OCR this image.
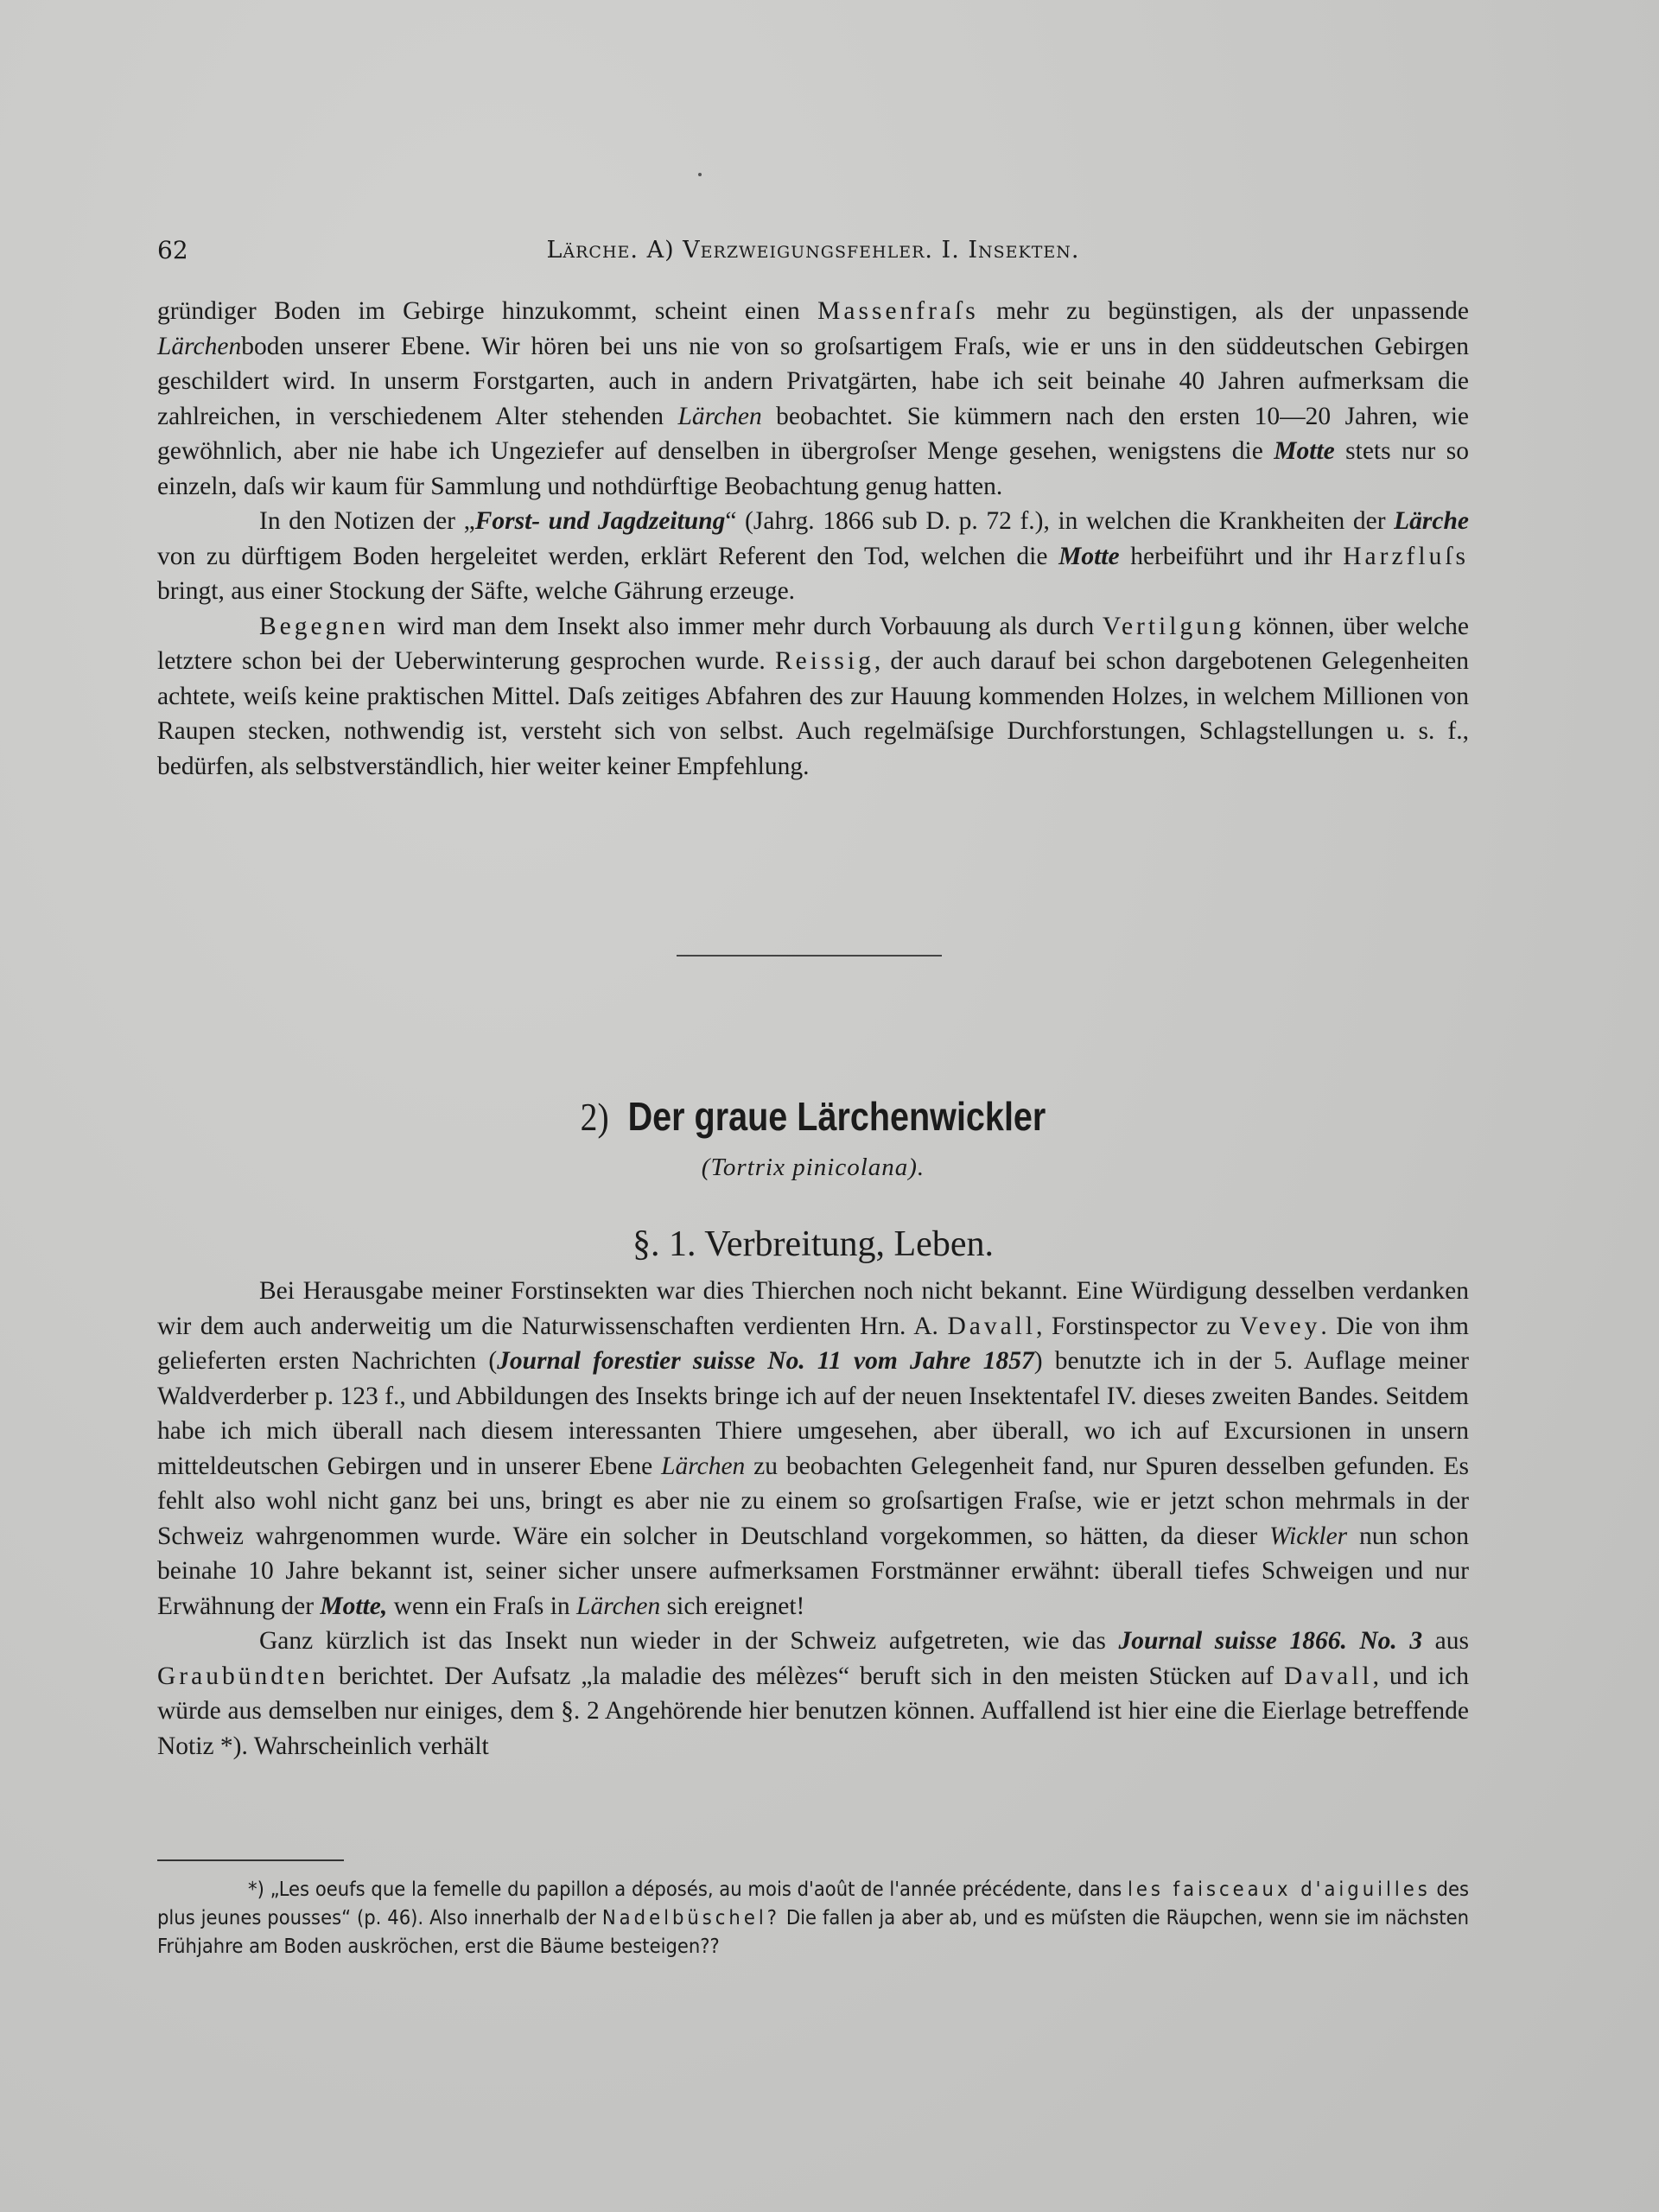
62	Lärche. A) Verzweigungsfehler. I. Insekten.

gründiger Boden im Gebirge hinzukommt, scheint einen Massenfraſs mehr zu begünstigen, als der unpassende Lärchenboden unserer Ebene. Wir hören bei uns nie von so groſsartigem Fraſs, wie er uns in den süddeutschen Gebirgen geschildert wird. In unserm Forstgarten, auch in andern Privatgärten, habe ich seit beinahe 40 Jahren aufmerksam die zahlreichen, in verschiedenem Alter stehenden Lärchen beobachtet. Sie kümmern nach den ersten 10—20 Jahren, wie gewöhnlich, aber nie habe ich Ungeziefer auf denselben in übergroſser Menge gesehen, wenigstens die Motte stets nur so einzeln, daſs wir kaum für Sammlung und nothdürftige Beobachtung genug hatten.

In den Notizen der „Forst- und Jagdzeitung“ (Jahrg. 1866 sub D. p. 72 f.), in welchen die Krankheiten der Lärche von zu dürftigem Boden hergeleitet werden, erklärt Referent den Tod, welchen die Motte herbeiführt und ihr Harzfluſs bringt, aus einer Stockung der Säfte, welche Gährung erzeuge.

Begegnen wird man dem Insekt also immer mehr durch Vorbauung als durch Vertilgung können, über welche letztere schon bei der Ueberwinterung gesprochen wurde. Reissig, der auch darauf bei schon dargebotenen Gelegenheiten achtete, weiſs keine praktischen Mittel. Daſs zeitiges Abfahren des zur Hauung kommenden Holzes, in welchem Millionen von Raupen stecken, nothwendig ist, versteht sich von selbst. Auch regelmäſsige Durchforstungen, Schlagstellungen u. s. f., bedürfen, als selbstverständlich, hier weiter keiner Empfehlung.

2) Der graue Lärchenwickler
(Tortrix pinicolana).
§. 1. Verbreitung, Leben.

Bei Herausgabe meiner Forstinsekten war dies Thierchen noch nicht bekannt. Eine Würdigung desselben verdanken wir dem auch anderweitig um die Naturwissenschaften verdienten Hrn. A. Davall, Forstinspector zu Vevey. Die von ihm gelieferten ersten Nachrichten (Journal forestier suisse No. 11 vom Jahre 1857) benutzte ich in der 5. Auflage meiner Waldverderber p. 123 f., und Abbildungen des Insekts bringe ich auf der neuen Insektentafel IV. dieses zweiten Bandes. Seitdem habe ich mich überall nach diesem interessanten Thiere umgesehen, aber überall, wo ich auf Excursionen in unsern mitteldeutschen Gebirgen und in unserer Ebene Lärchen zu beobachten Gelegenheit fand, nur Spuren desselben gefunden. Es fehlt also wohl nicht ganz bei uns, bringt es aber nie zu einem so groſsartigen Fraſse, wie er jetzt schon mehrmals in der Schweiz wahrgenommen wurde. Wäre ein solcher in Deutschland vorgekommen, so hätten, da dieser Wickler nun schon beinahe 10 Jahre bekannt ist, seiner sicher unsere aufmerksamen Forstmänner erwähnt: überall tiefes Schweigen und nur Erwähnung der Motte, wenn ein Fraſs in Lärchen sich ereignet!

Ganz kürzlich ist das Insekt nun wieder in der Schweiz aufgetreten, wie das Journal suisse 1866. No. 3 aus Graubündten berichtet. Der Aufsatz „la maladie des mélèzes“ beruft sich in den meisten Stücken auf Davall, und ich würde aus demselben nur einiges, dem §. 2 Angehörende hier benutzen können. Auffallend ist hier eine die Eierlage betreffende Notiz *). Wahrscheinlich verhält

*) „Les oeufs que la femelle du papillon a déposés, au mois d'août de l'année précédente, dans les faisceaux d'aiguilles des plus jeunes pousses“ (p. 46). Also innerhalb der Nadelbüschel? Die fallen ja aber ab, und es müſsten die Räupchen, wenn sie im nächsten Frühjahre am Boden auskröchen, erst die Bäume besteigen??
